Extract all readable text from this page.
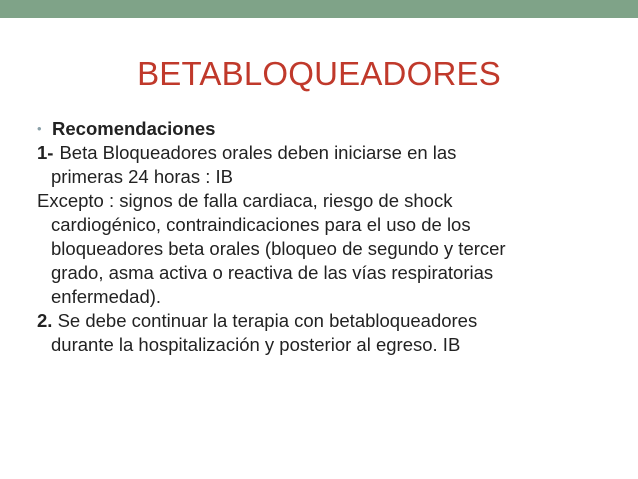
BETABLOQUEADORES
• Recomendaciones
1- Beta Bloqueadores orales deben iniciarse en las
primeras 24 horas : IB
Excepto : signos de falla cardiaca, riesgo de shock
cardiogénico, contraindicaciones para el uso de los
bloqueadores beta orales (bloqueo de segundo y tercer
grado, asma activa o reactiva de las vías respiratorias
enfermedad).
2. Se debe continuar la terapia con betabloqueadores
durante la hospitalización y posterior al egreso. IB
